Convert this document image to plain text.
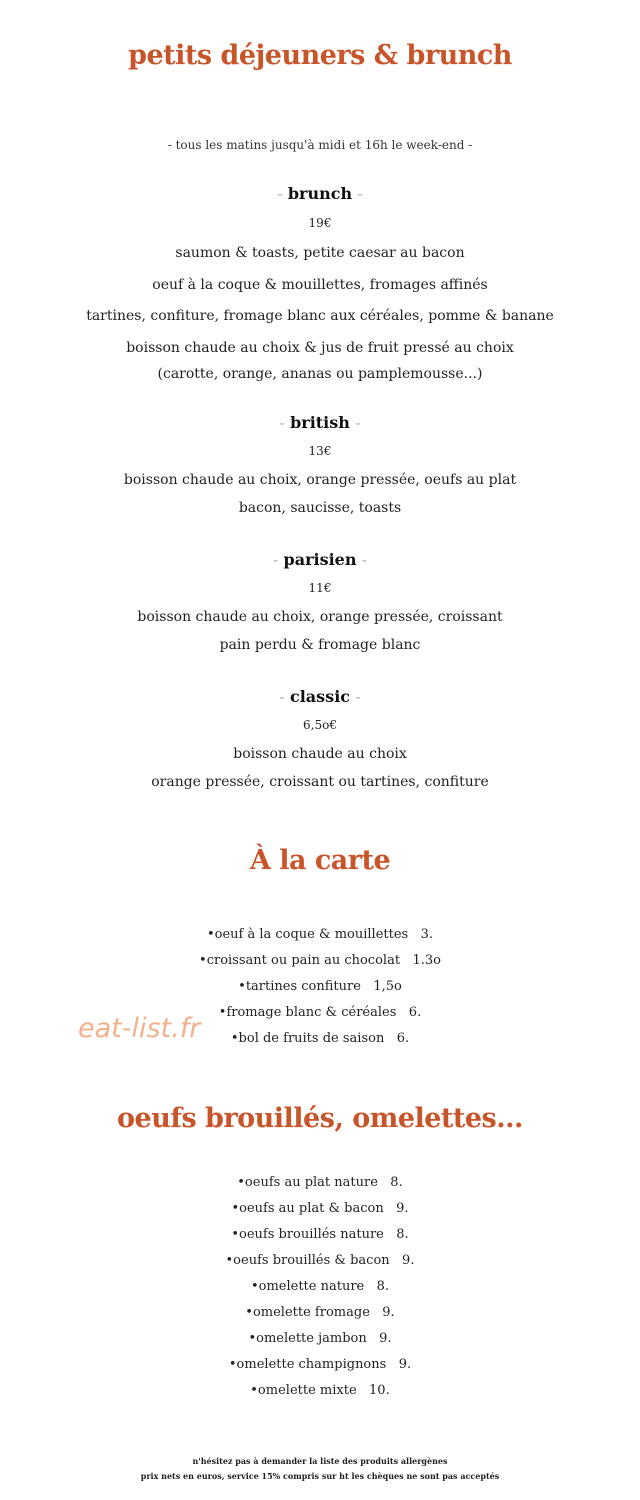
petits déjeuners & brunch
- tous les matins jusqu'à midi et 16h le week-end -
- brunch -
19€
saumon & toasts, petite caesar au bacon
oeuf à la coque & mouillettes, fromages affinés
tartines, confiture, fromage blanc aux céréales, pomme & banane
boisson chaude au choix & jus de fruit pressé au choix
(carotte, orange, ananas ou pamplemousse...)
- british -
13€
boisson chaude au choix, orange pressée, oeufs au plat
bacon, saucisse, toasts
- parisien -
11€
boisson chaude au choix, orange pressée, croissant
pain perdu & fromage blanc
- classic -
6,5o€
boisson chaude au choix
orange pressée, croissant ou tartines, confiture
À la carte
•oeuf à la coque & mouillettes   3.
•croissant ou pain au chocolat   1.3o
•tartines confiture   1,5o
•fromage blanc & céréales   6.
•bol de fruits de saison   6.
eat-list.fr
oeufs brouillés, omelettes...
•oeufs au plat nature   8.
•oeufs au plat & bacon   9.
•oeufs brouillés nature   8.
•oeufs brouillés & bacon   9.
•omelette nature   8.
•omelette fromage   9.
•omelette jambon   9.
•omelette champignons   9.
•omelette mixte   10.
n'hésitez pas à demander la liste des produits allergènes
prix nets en euros, service 15% compris sur ht les chèques ne sont pas acceptés
